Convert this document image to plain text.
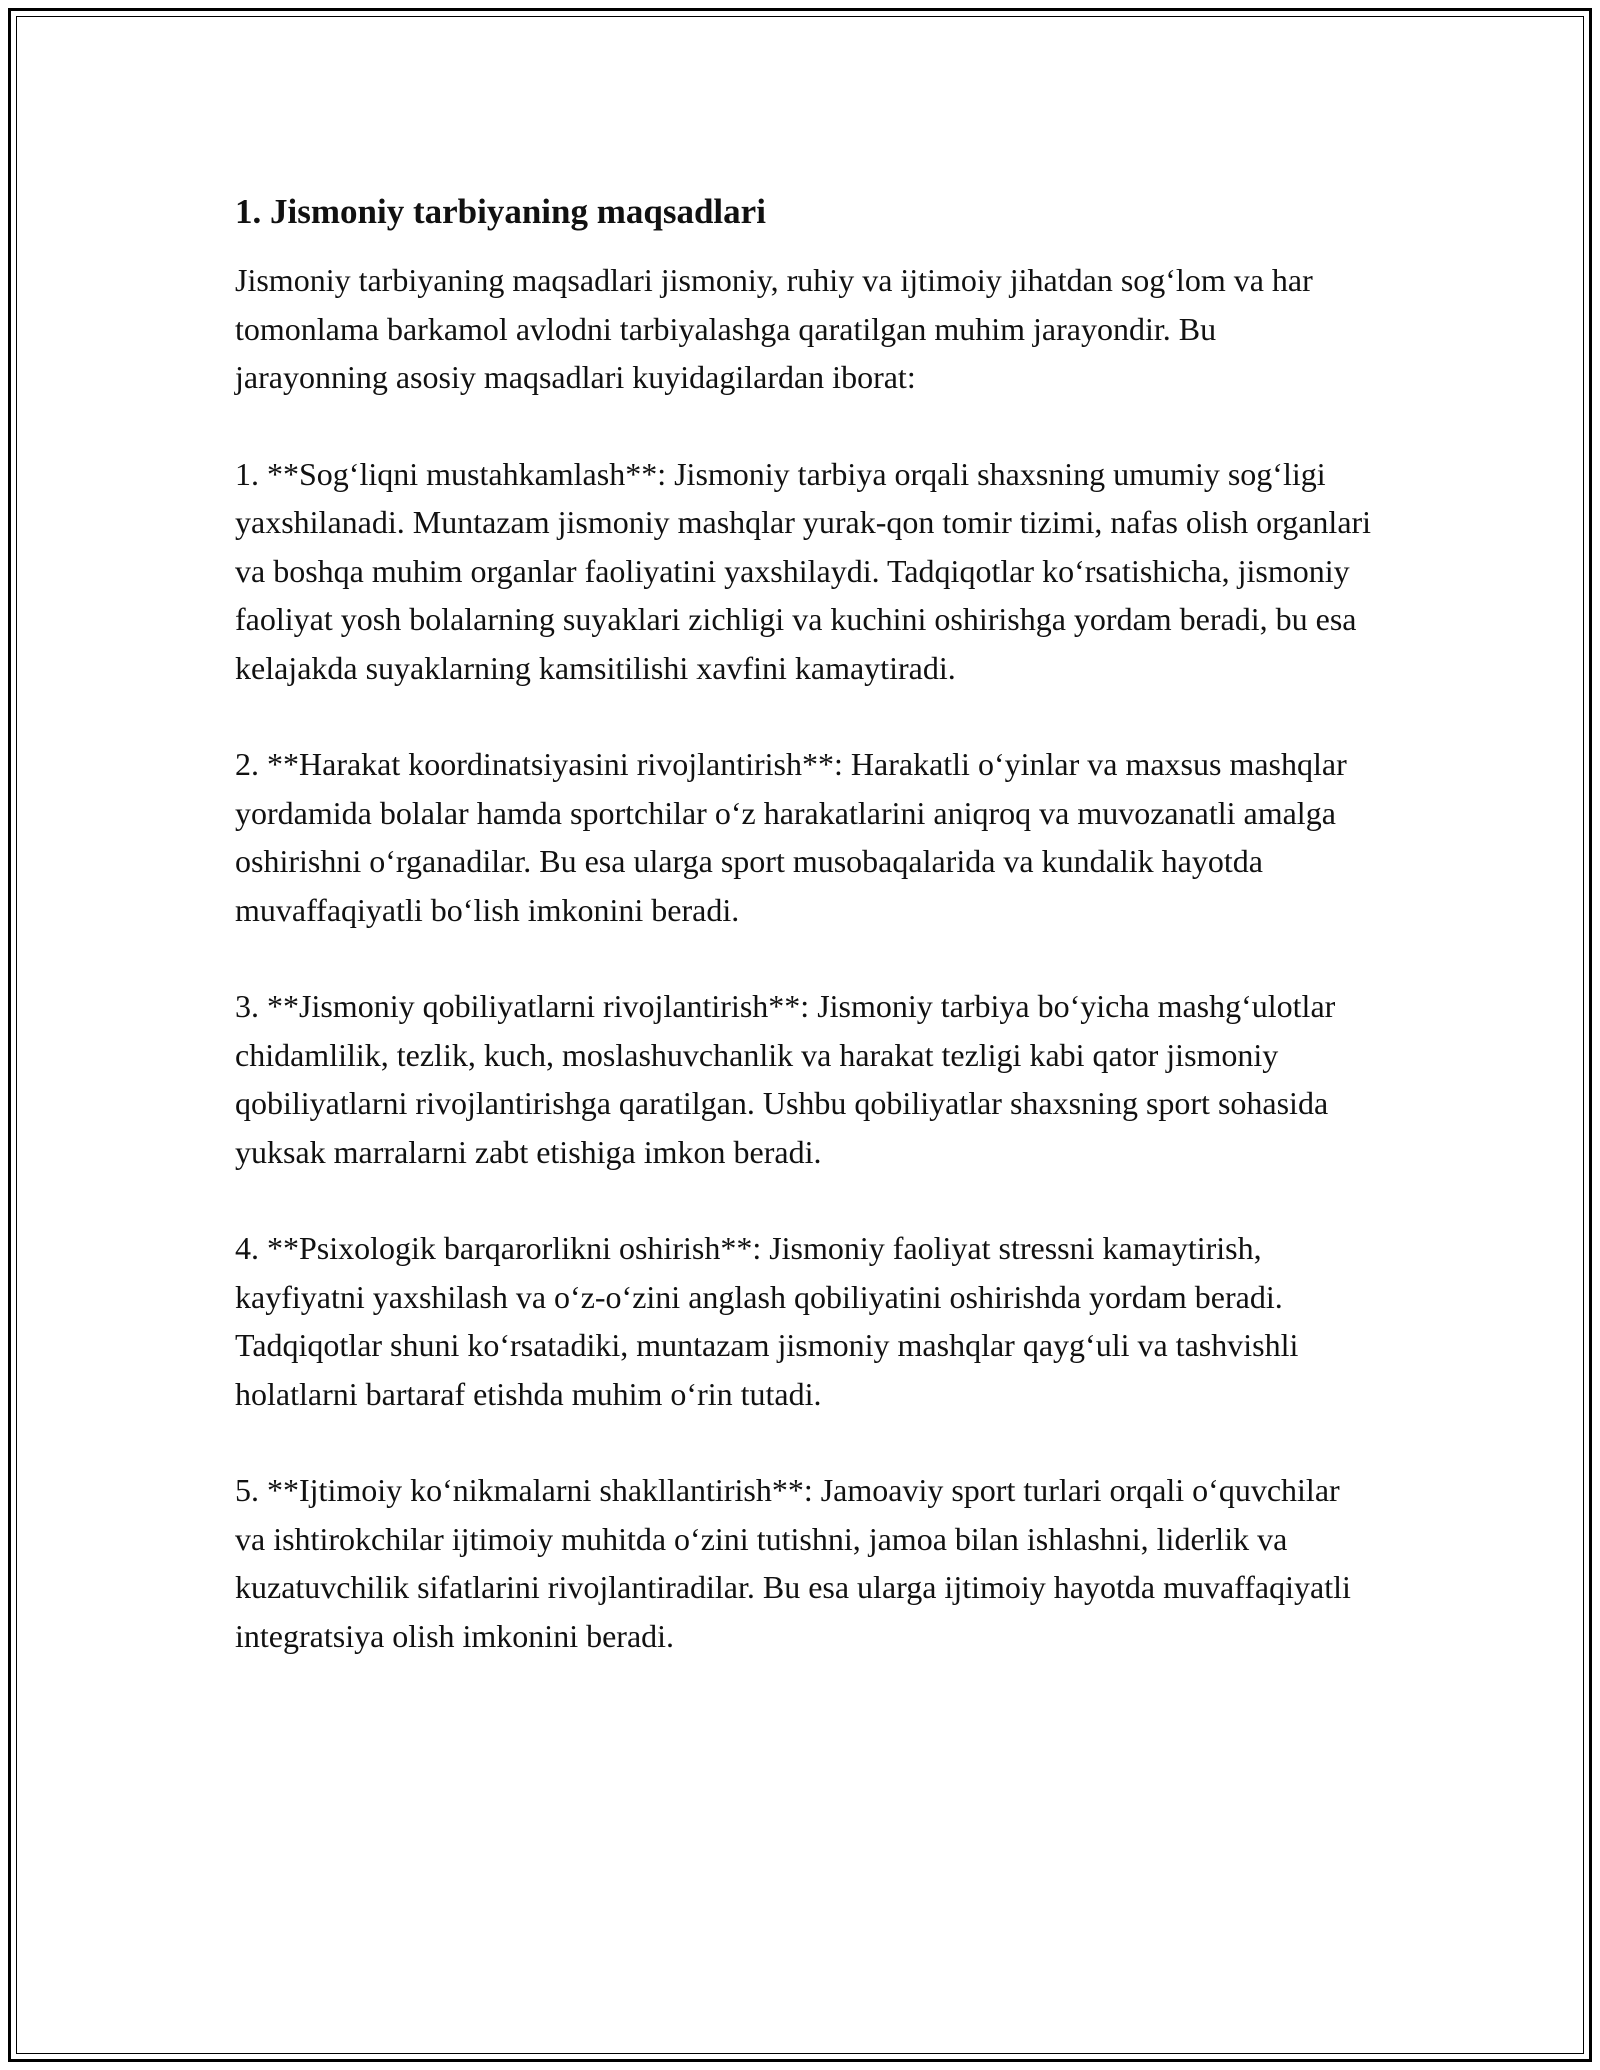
1. Jismoniy tarbiyaning maqsadlari

Jismoniy tarbiyaning maqsadlari jismoniy, ruhiy va ijtimoiy jihatdan sog‘lom va har tomonlama barkamol avlodni tarbiyalashga qaratilgan muhim jarayondir. Bu jarayonning asosiy maqsadlari kuyidagilardan iborat:

1. **Sog‘liqni mustahkamlash**: Jismoniy tarbiya orqali shaxsning umumiy sog‘ligi yaxshilanadi. Muntazam jismoniy mashqlar yurak-qon tomir tizimi, nafas olish organlari va boshqa muhim organlar faoliyatini yaxshilaydi. Tadqiqotlar ko‘rsatishicha, jismoniy faoliyat yosh bolalarning suyaklari zichligi va kuchini oshirishga yordam beradi, bu esa kelajakda suyaklarning kamsitilishi xavfini kamaytiradi.

2. **Harakat koordinatsiyasini rivojlantirish**: Harakatli o‘yinlar va maxsus mashqlar yordamida bolalar hamda sportchilar o‘z harakatlarini aniqroq va muvozanatli amalga oshirishni o‘rganadilar. Bu esa ularga sport musobaqalarida va kundalik hayotda muvaffaqiyatli bo‘lish imkonini beradi.

3. **Jismoniy qobiliyatlarni rivojlantirish**: Jismoniy tarbiya bo‘yicha mashg‘ulotlar chidamlilik, tezlik, kuch, moslashuvchanlik va harakat tezligi kabi qator jismoniy qobiliyatlarni rivojlantirishga qaratilgan. Ushbu qobiliyatlar shaxsning sport sohasida yuksak marralarni zabt etishiga imkon beradi.

4. **Psixologik barqarorlikni oshirish**: Jismoniy faoliyat stressni kamaytirish, kayfiyatni yaxshilash va o‘z-o‘zini anglash qobiliyatini oshirishda yordam beradi. Tadqiqotlar shuni ko‘rsatadiki, muntazam jismoniy mashqlar qayg‘uli va tashvishli holatlarni bartaraf etishda muhim o‘rin tutadi.

5. **Ijtimoiy ko‘nikmalarni shakllantirish**: Jamoaviy sport turlari orqali o‘quvchilar va ishtirokchilar ijtimoiy muhitda o‘zini tutishni, jamoa bilan ishlashni, liderlik va kuzatuvchilik sifatlarini rivojlantiradilar. Bu esa ularga ijtimoiy hayotda muvaffaqiyatli integratsiya olish imkonini beradi.
